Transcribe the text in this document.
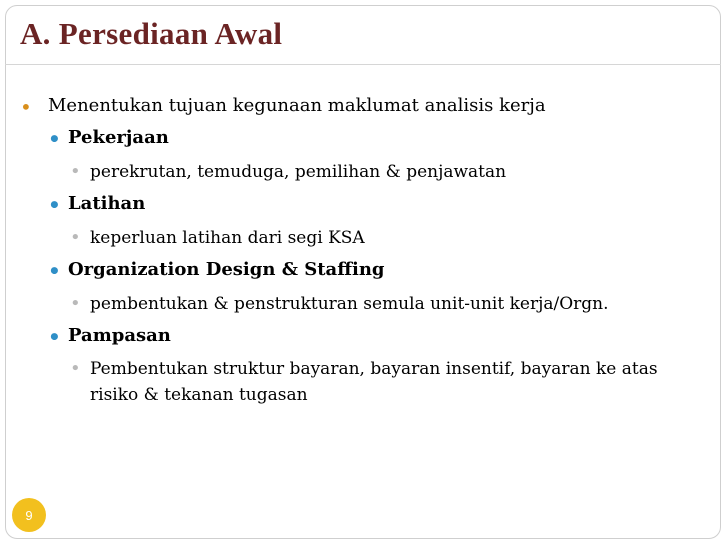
A. Persediaan Awal
• Menentukan tujuan kegunaan maklumat analisis kerja
• Pekerjaan
• perekrutan, temuduga, pemilihan & penjawatan
• Latihan
• keperluan latihan dari segi KSA
• Organization Design & Staffing
• pembentukan & penstrukturan semula unit-unit kerja/Orgn.
• Pampasan
• Pembentukan struktur bayaran, bayaran insentif, bayaran ke atas risiko & tekanan tugasan
9
